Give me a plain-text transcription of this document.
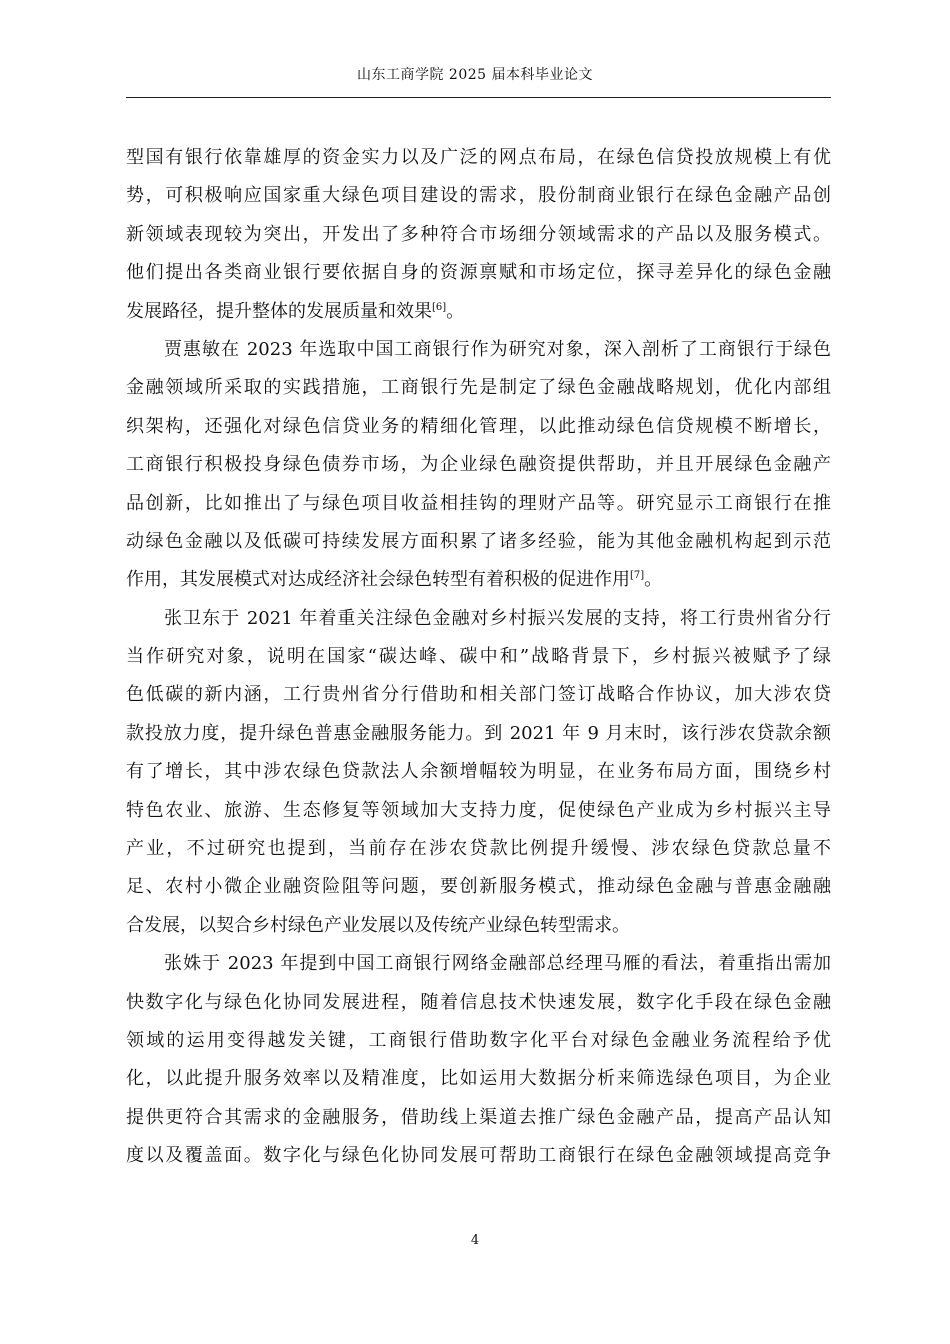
山东工商学院 2025 届本科毕业论文
型国有银行依靠雄厚的资金实力以及广泛的网点布局，在绿色信贷投放规模上有优
势，可积极响应国家重大绿色项目建设的需求，股份制商业银行在绿色金融产品创
新领域表现较为突出，开发出了多种符合市场细分领域需求的产品以及服务模式。
他们提出各类商业银行要依据自身的资源禀赋和市场定位，探寻差异化的绿色金融
发展路径，提升整体的发展质量和效果[6]。
贾惠敏在 2023 年选取中国工商银行作为研究对象，深入剖析了工商银行于绿色
金融领域所采取的实践措施，工商银行先是制定了绿色金融战略规划，优化内部组
织架构，还强化对绿色信贷业务的精细化管理，以此推动绿色信贷规模不断增长，
工商银行积极投身绿色债券市场，为企业绿色融资提供帮助，并且开展绿色金融产
品创新，比如推出了与绿色项目收益相挂钩的理财产品等。研究显示工商银行在推
动绿色金融以及低碳可持续发展方面积累了诸多经验，能为其他金融机构起到示范
作用，其发展模式对达成经济社会绿色转型有着积极的促进作用[7]。
张卫东于 2021 年着重关注绿色金融对乡村振兴发展的支持，将工行贵州省分行
当作研究对象，说明在国家“碳达峰、碳中和”战略背景下，乡村振兴被赋予了绿
色低碳的新内涵，工行贵州省分行借助和相关部门签订战略合作协议，加大涉农贷
款投放力度，提升绿色普惠金融服务能力。到 2021 年 9 月末时，该行涉农贷款余额
有了增长，其中涉农绿色贷款法人余额增幅较为明显，在业务布局方面，围绕乡村
特色农业、旅游、生态修复等领域加大支持力度，促使绿色产业成为乡村振兴主导
产业，不过研究也提到，当前存在涉农贷款比例提升缓慢、涉农绿色贷款总量不
足、农村小微企业融资险阻等问题，要创新服务模式，推动绿色金融与普惠金融融
合发展，以契合乡村绿色产业发展以及传统产业绿色转型需求。
张姝于 2023 年提到中国工商银行网络金融部总经理马雁的看法，着重指出需加
快数字化与绿色化协同发展进程，随着信息技术快速发展，数字化手段在绿色金融
领域的运用变得越发关键，工商银行借助数字化平台对绿色金融业务流程给予优
化，以此提升服务效率以及精准度，比如运用大数据分析来筛选绿色项目，为企业
提供更符合其需求的金融服务，借助线上渠道去推广绿色金融产品，提高产品认知
度以及覆盖面。数字化与绿色化协同发展可帮助工商银行在绿色金融领域提高竞争
4
